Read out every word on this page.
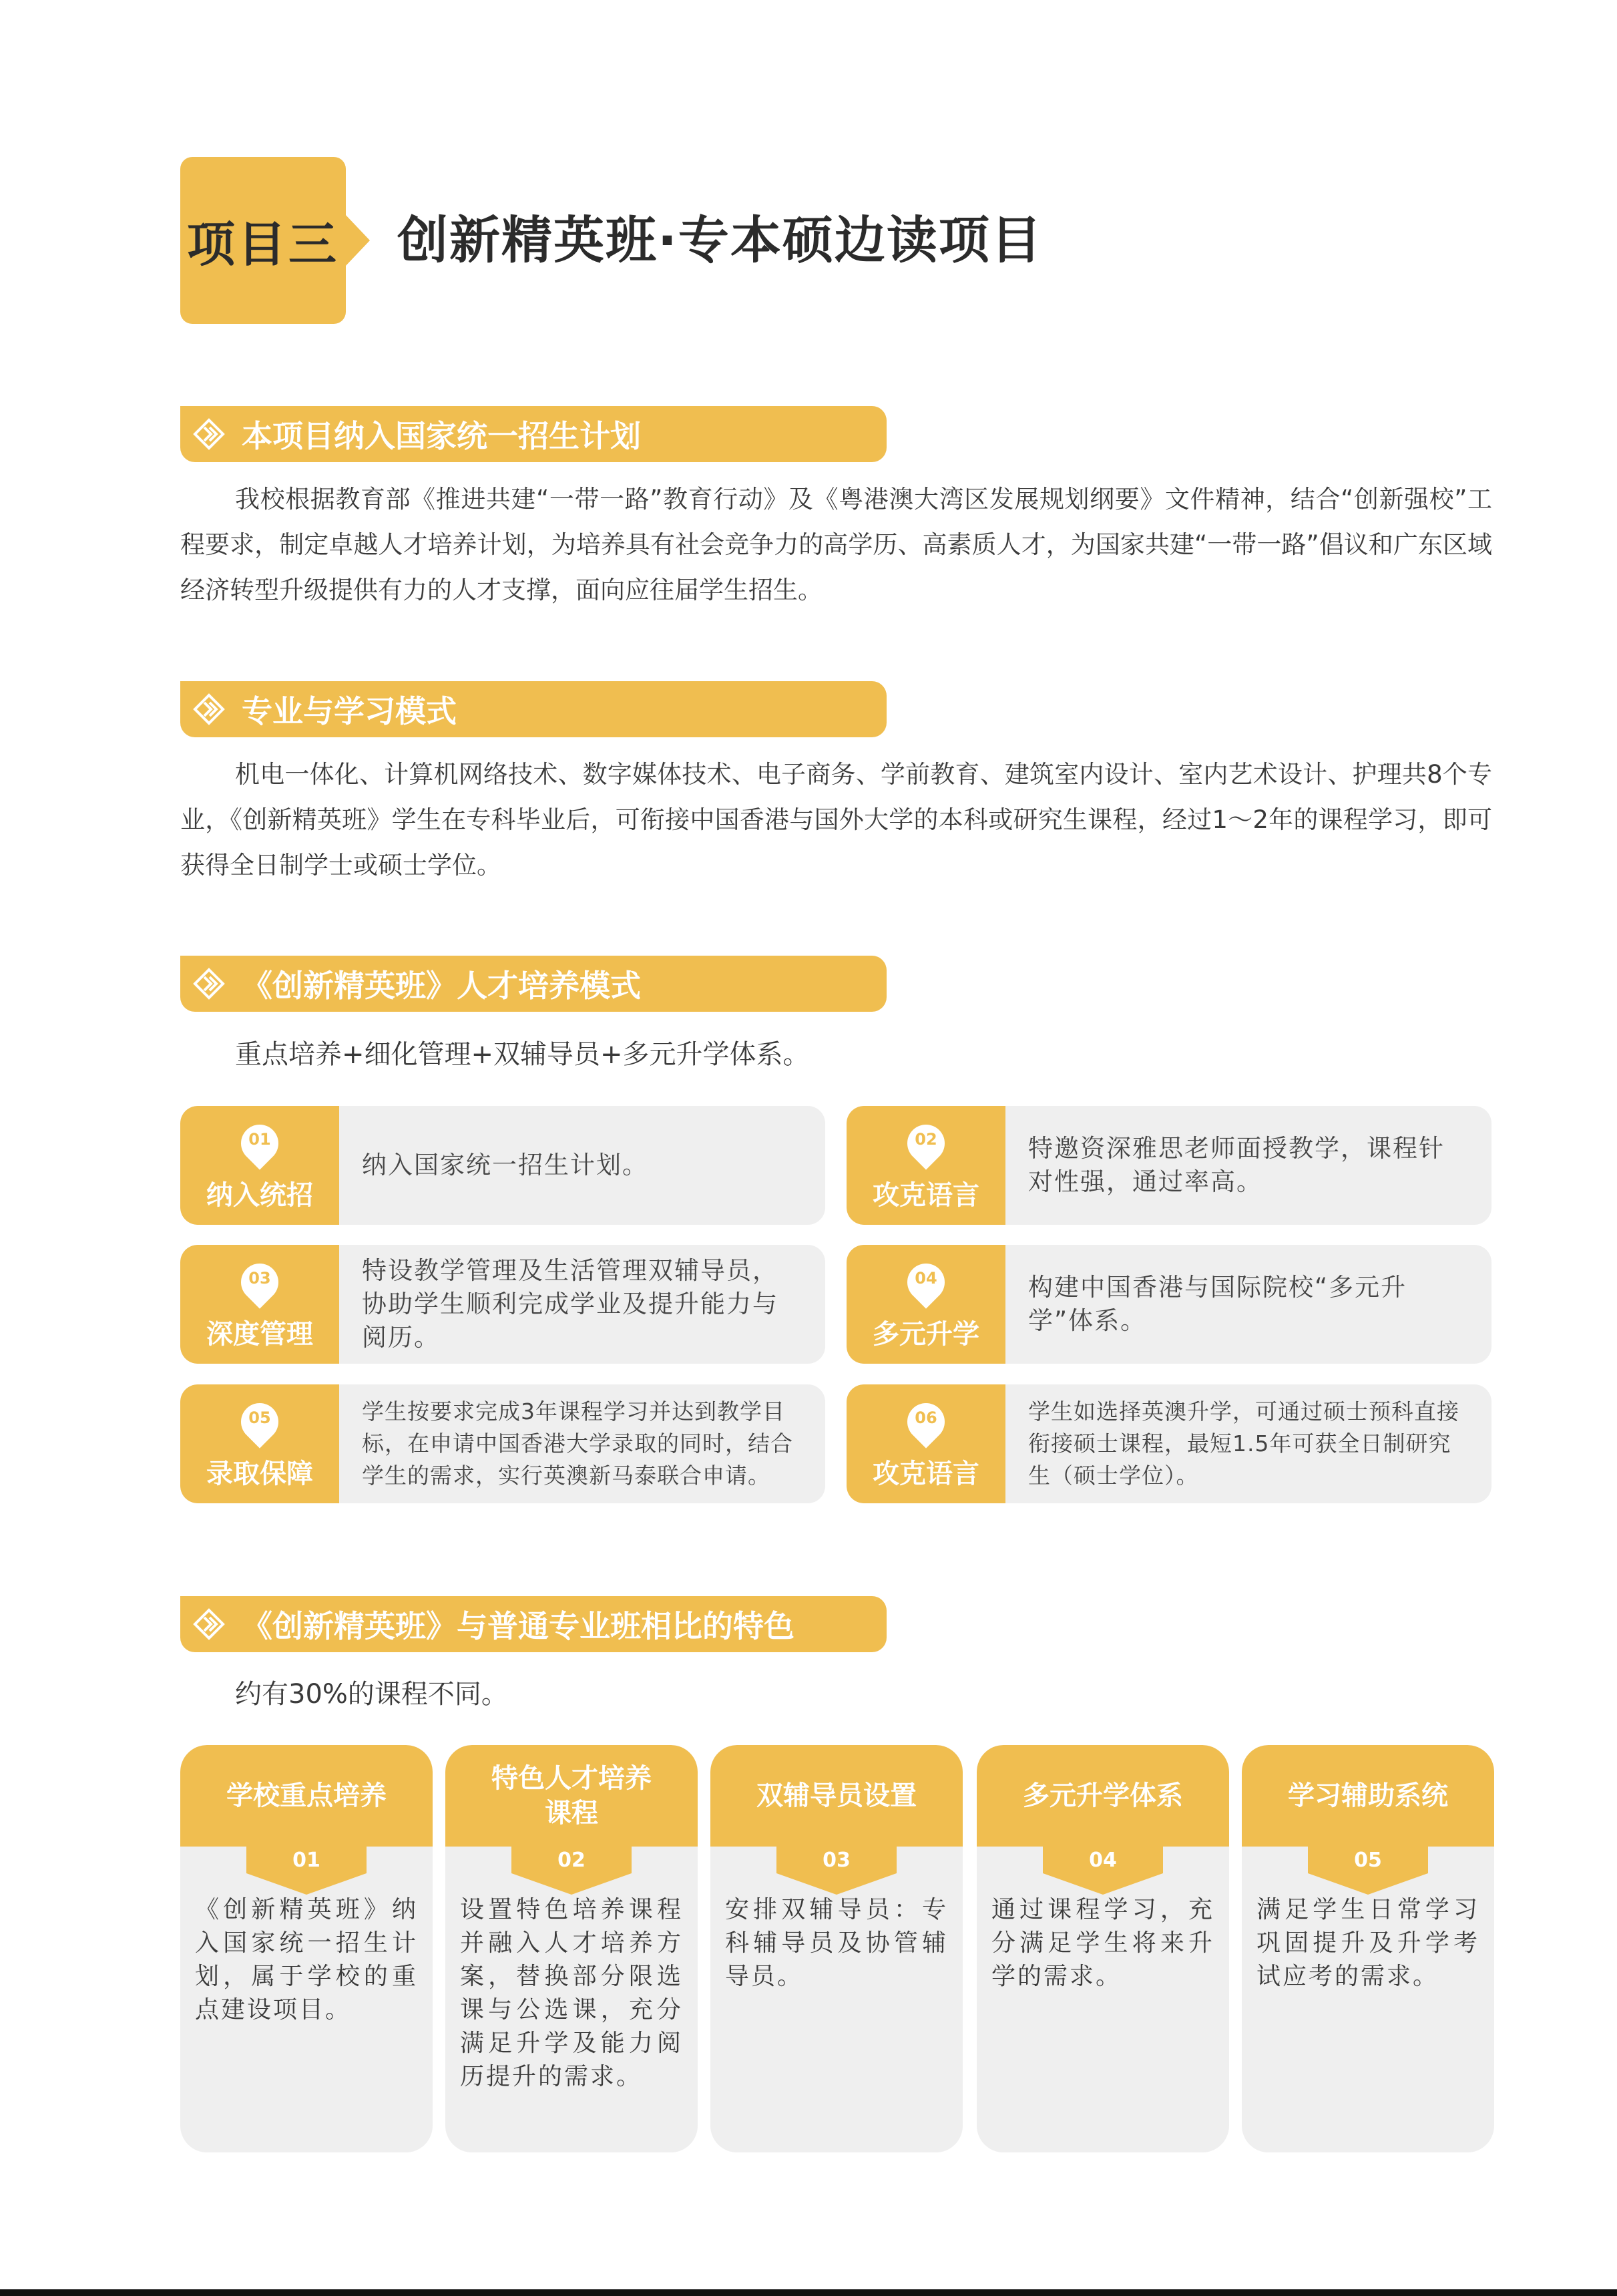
项目三 创新精英班·专本硕边读项目
本项目纳入国家统一招生计划

我校根据教育部《推进共建“一带一路”教育行动》及《粤港澳大湾区发展规划纲要》文件精神，结合“创新强校”工程要求，制定卓越人才培养计划，为培养具有社会竞争力的高学历、高素质人才，为国家共建“一带一路”倡议和广东区域经济转型升级提供有力的人才支撑，面向应往届学生招生。

专业与学习模式

机电一体化、计算机网络技术、数字媒体技术、电子商务、学前教育、建筑室内设计、室内艺术设计、护理共8个专业，《创新精英班》学生在专科毕业后，可衔接中国香港与国外大学的本科或研究生课程，经过1～2年的课程学习，即可获得全日制学士或硕士学位。

《创新精英班》人才培养模式
重点培养+细化管理+双辅导员+多元升学体系。
01
纳入统招
纳入国家统一招生计划。
02
攻克语言
特邀资深雅思老师面授教学，课程针对性强，通过率高。
03
深度管理
特设教学管理及生活管理双辅导员，协助学生顺利完成学业及提升能力与阅历。
04
多元升学
构建中国香港与国际院校“多元升学”体系。
05
录取保障
学生按要求完成3年课程学习并达到教学目标，在申请中国香港大学录取的同时，结合学生的需求，实行英澳新马泰联合申请。
06
攻克语言
学生如选择英澳升学，可通过硕士预科直接衔接硕士课程，最短1.5年可获全日制研究生（硕士学位）。
《创新精英班》与普通专业班相比的特色
约有30%的课程不同。
学校重点培养
01

《创新精英班》纳入国家统一招生计划，属于学校的重点建设项目。

特色人才培养课程
02

设置特色培养课程并融入人才培养方案，替换部分限选课与公选课，充分满足升学及能力阅历提升的需求。

双辅导员设置
03

安排双辅导员：专科辅导员及协管辅导员。

多元升学体系
04

通过课程学习，充分满足学生将来升学的需求。

学习辅助系统
05

满足学生日常学习巩固提升及升学考试应考的需求。
